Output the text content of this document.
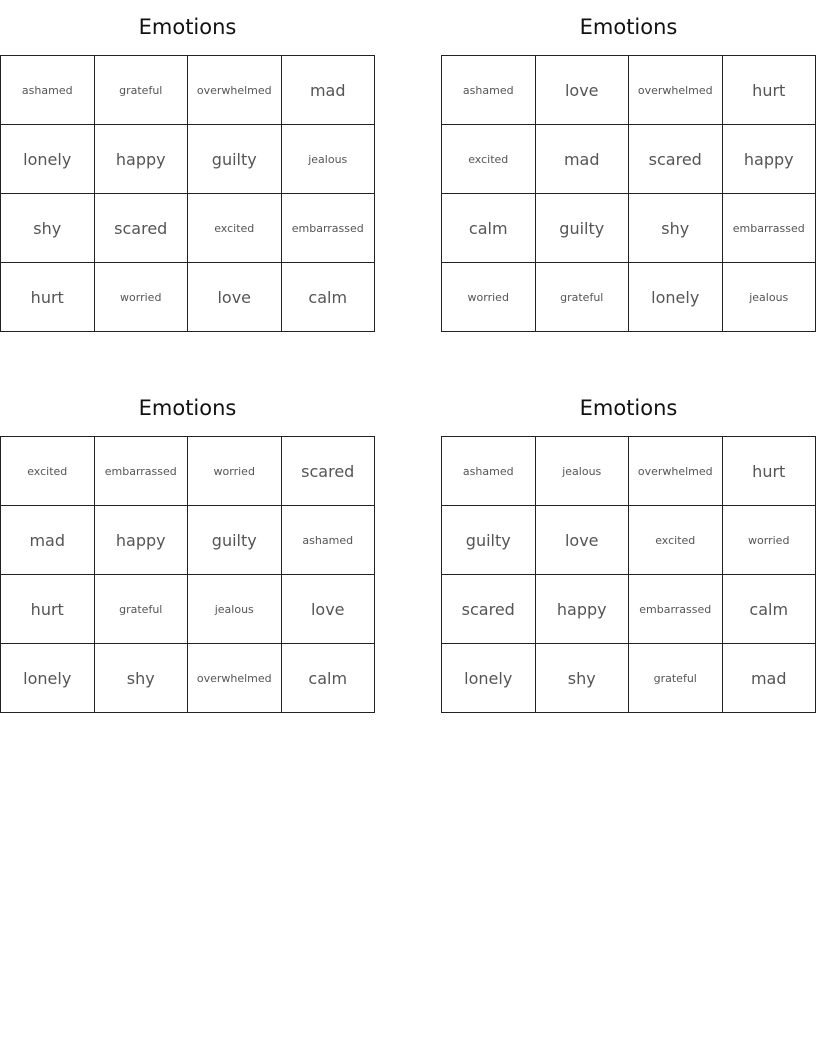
Emotions
ashamed	grateful	overwhelmed	mad
lonely	happy	guilty	jealous
shy	scared	excited	embarrassed
hurt	worried	love	calm
Emotions
ashamed	love	overwhelmed	hurt
excited	mad	scared	happy
calm	guilty	shy	embarrassed
worried	grateful	lonely	jealous
Emotions
excited	embarrassed	worried	scared
mad	happy	guilty	ashamed
hurt	grateful	jealous	love
lonely	shy	overwhelmed	calm
Emotions
ashamed	jealous	overwhelmed	hurt
guilty	love	excited	worried
scared	happy	embarrassed	calm
lonely	shy	grateful	mad
